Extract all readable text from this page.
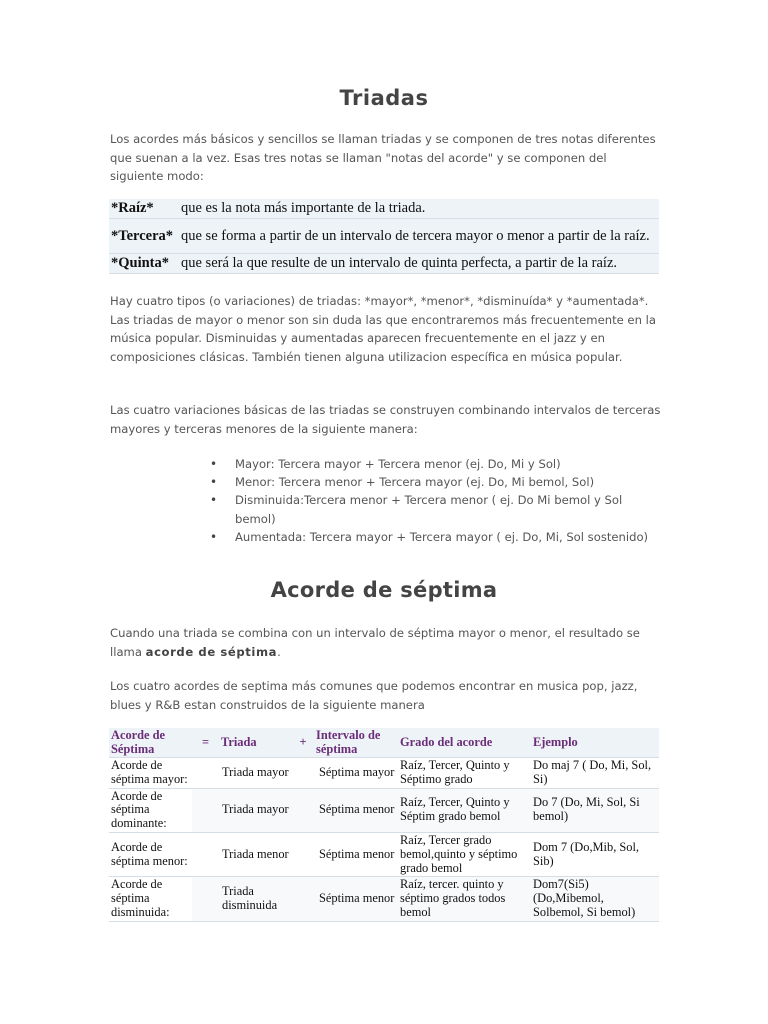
Triadas

Los acordes más básicos y sencillos se llaman triadas y se componen de tres notas diferentes que suenan a la vez. Esas tres notas se llaman "notas del acorde" y se componen del siguiente modo:

*Raíz*	que es la nota más importante de la triada.
*Tercera*	que se forma a partir de un intervalo de tercera mayor o menor a partir de la raíz.
*Quinta*	que será la que resulte de un intervalo de quinta perfecta, a partir de la raíz.

Hay cuatro tipos (o variaciones) de triadas: *mayor*, *menor*, *disminuída* y *aumentada*. Las triadas de mayor o menor son sin duda las que encontraremos más frecuentemente en la música popular. Disminuidas y aumentadas aparecen frecuentemente en el jazz y en composiciones clásicas. También tienen alguna utilizacion específica en música popular.

Las cuatro variaciones básicas de las triadas se construyen combinando intervalos de terceras mayores y terceras menores de la siguiente manera:

• Mayor: Tercera mayor + Tercera menor (ej. Do, Mi y Sol)
• Menor: Tercera menor + Tercera mayor (ej. Do, Mi bemol, Sol)
• Disminuida:Tercera menor + Tercera menor ( ej. Do Mi bemol y Sol bemol)
• Aumentada: Tercera mayor + Tercera mayor ( ej. Do, Mi, Sol sostenido)
Acorde de séptima

Cuando una triada se combina con un intervalo de séptima mayor o menor, el resultado se llama acorde de séptima.

Los cuatro acordes de septima más comunes que podemos encontrar en musica pop, jazz, blues y R&B estan construidos de la siguiente manera

Acorde de Séptima	=	Triada	+	Intervalo de séptima	Grado del acorde	Ejemplo
Acorde de séptima mayor:	Triada mayor		Séptima mayor		Raíz, Tercer, Quinto y Séptimo grado	Do maj 7 ( Do, Mi, Sol, Si)
Acorde de séptima dominante:	Triada mayor		Séptima menor		Raíz, Tercer, Quinto y Séptim grado bemol	Do 7 (Do, Mi, Sol, Si bemol)
Acorde de séptima menor:	Triada menor		Séptima menor		Raíz, Tercer grado bemol,quinto y séptimo grado bemol	Dom 7 (Do,Mib, Sol, Sib)
Acorde de séptima disminuida:	Triada disminuida		Séptima menor		Raíz, tercer. quinto y séptimo grados todos bemol	Dom7(Si5) (Do,Mibemol, Solbemol, Si bemol)
